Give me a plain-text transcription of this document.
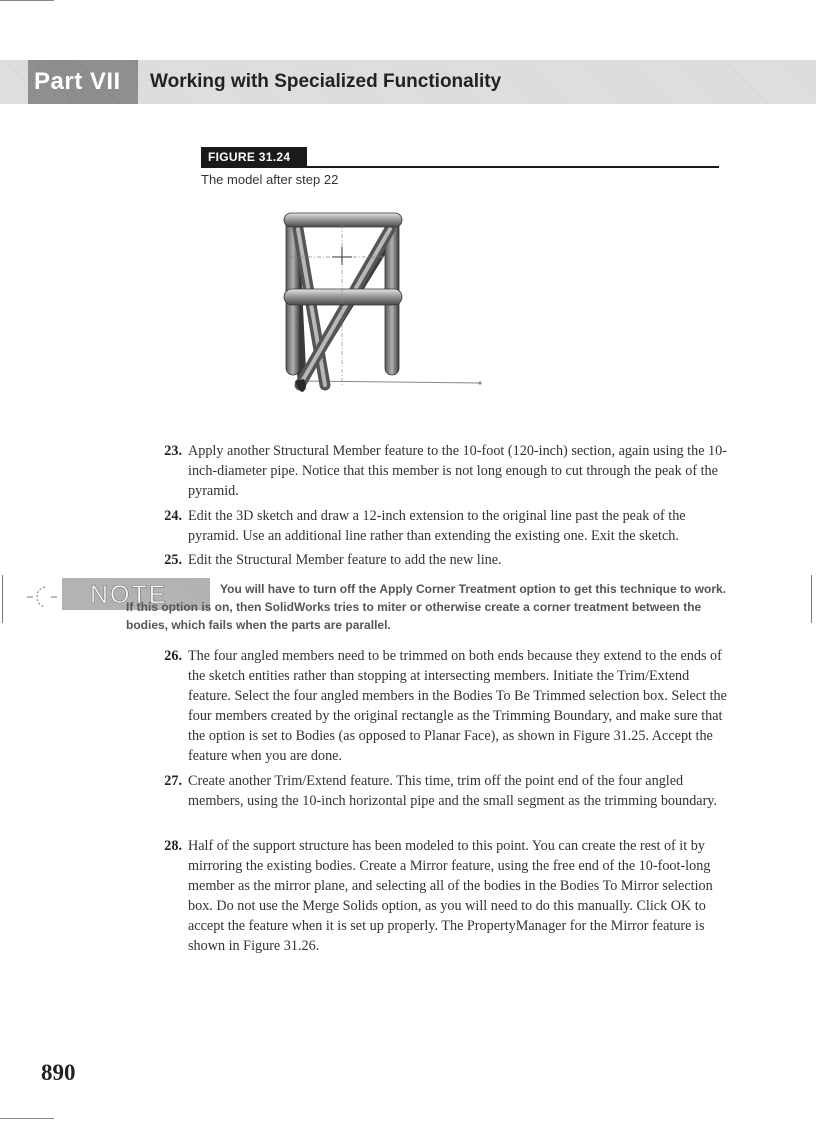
Part VII	Working with Specialized Functionality
FIGURE 31.24
The model after step 22
23. Apply another Structural Member feature to the 10-foot (120-inch) section, again using the 10-inch-diameter pipe. Notice that this member is not long enough to cut through the peak of the pyramid.
24. Edit the 3D sketch and draw a 12-inch extension to the original line past the peak of the pyramid. Use an additional line rather than extending the existing one. Exit the sketch.
25. Edit the Structural Member feature to add the new line.
NOTE	You will have to turn off the Apply Corner Treatment option to get this technique to work. If this option is on, then SolidWorks tries to miter or otherwise create a corner treatment between the bodies, which fails when the parts are parallel.
26. The four angled members need to be trimmed on both ends because they extend to the ends of the sketch entities rather than stopping at intersecting members. Initiate the Trim/Extend feature. Select the four angled members in the Bodies To Be Trimmed selection box. Select the four members created by the original rectangle as the Trimming Boundary, and make sure that the option is set to Bodies (as opposed to Planar Face), as shown in Figure 31.25. Accept the feature when you are done.
27. Create another Trim/Extend feature. This time, trim off the point end of the four angled members, using the 10-inch horizontal pipe and the small segment as the trimming boundary.
28. Half of the support structure has been modeled to this point. You can create the rest of it by mirroring the existing bodies. Create a Mirror feature, using the free end of the 10-foot-long member as the mirror plane, and selecting all of the bodies in the Bodies To Mirror selection box. Do not use the Merge Solids option, as you will need to do this manually. Click OK to accept the feature when it is set up properly. The PropertyManager for the Mirror feature is shown in Figure 31.26.
890
